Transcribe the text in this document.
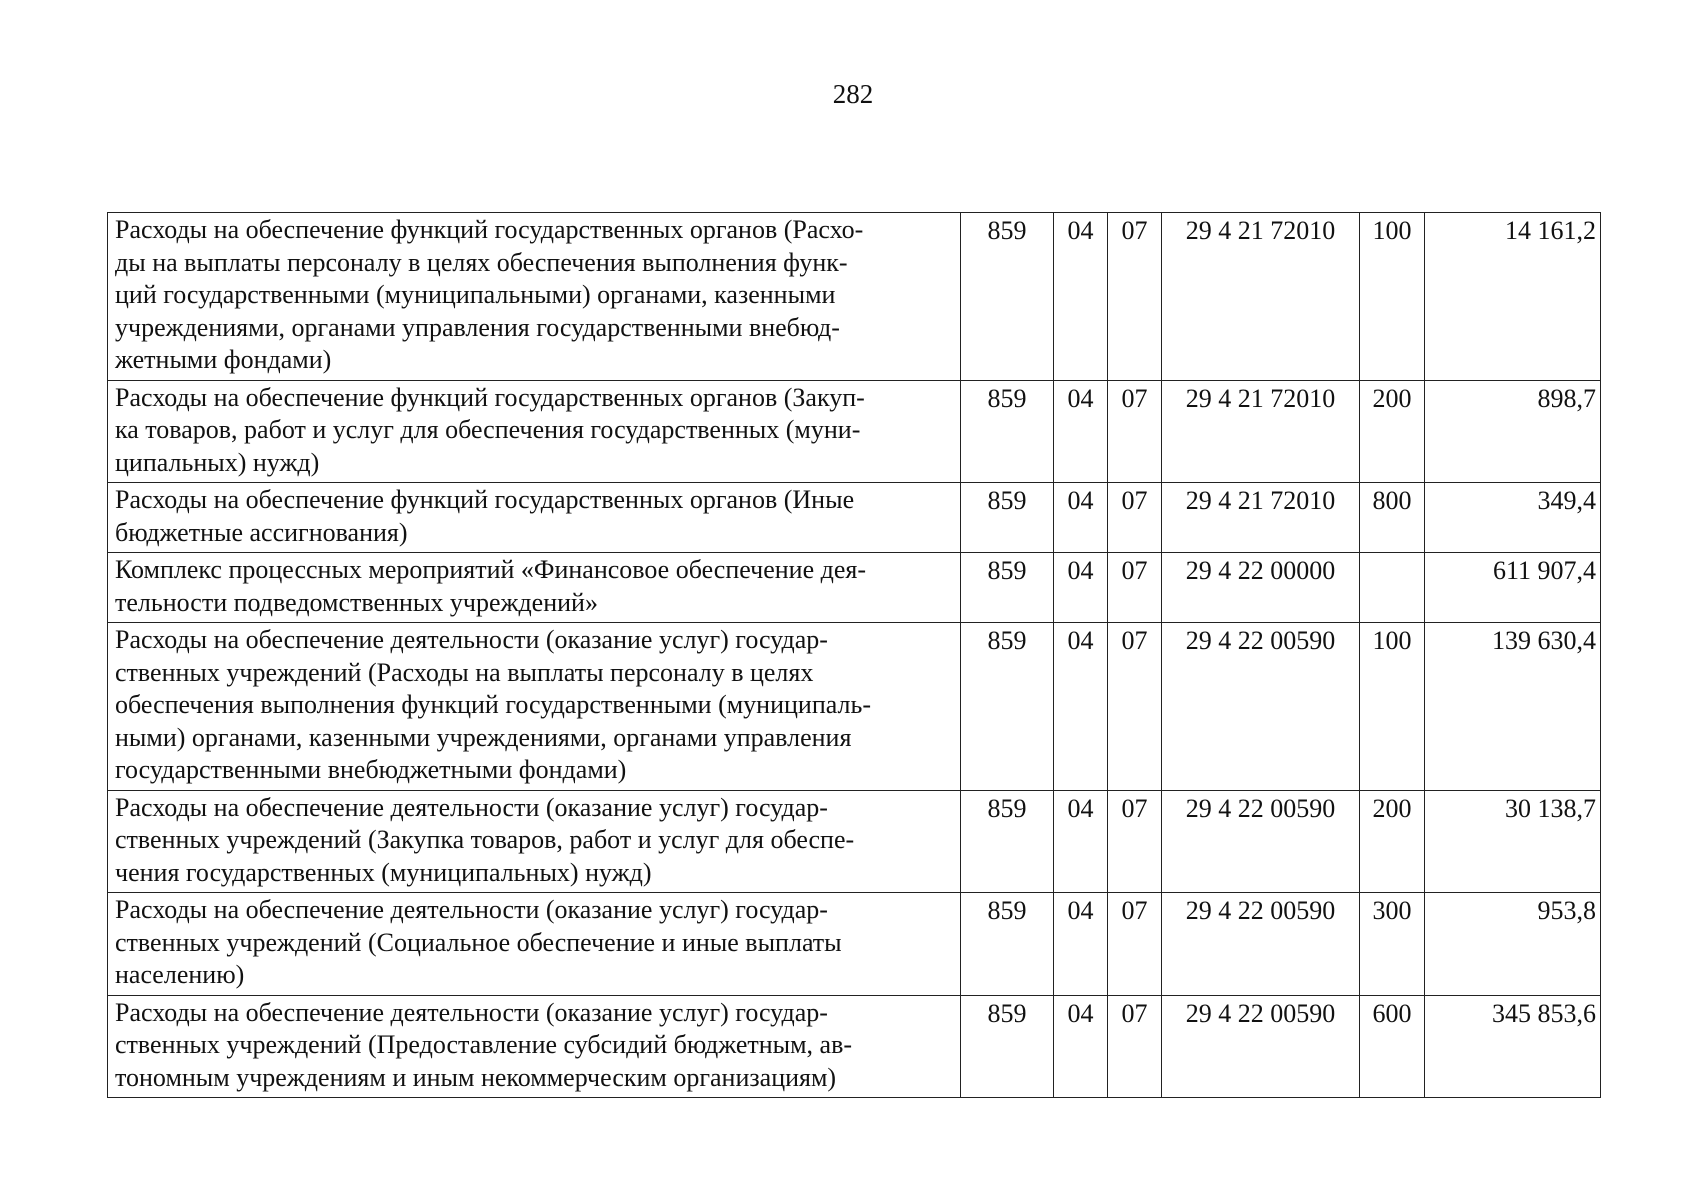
282
Расходы на обеспечение функций государственных органов (Расхо-
ды на выплаты персоналу в целях обеспечения выполнения функ-
ций государственными (муниципальными) органами, казенными
учреждениями, органами управления государственными внебюд-
жетными фондами)	859	04	07	29 4 21 72010	100	14 161,2

Расходы на обеспечение функций государственных органов (Закуп-
ка товаров, работ и услуг для обеспечения государственных (муни-
ципальных) нужд)	859	04	07	29 4 21 72010	200	898,7

Расходы на обеспечение функций государственных органов (Иные
бюджетные ассигнования)	859	04	07	29 4 21 72010	800	349,4

Комплекс процессных мероприятий «Финансовое обеспечение дея-
тельности подведомственных учреждений»	859	04	07	29 4 22 00000		611 907,4

Расходы на обеспечение деятельности (оказание услуг) государ-
ственных учреждений (Расходы на выплаты персоналу в целях
обеспечения выполнения функций государственными (муниципаль-
ными) органами, казенными учреждениями, органами управления
государственными внебюджетными фондами)	859	04	07	29 4 22 00590	100	139 630,4

Расходы на обеспечение деятельности (оказание услуг) государ-
ственных учреждений (Закупка товаров, работ и услуг для обеспе-
чения государственных (муниципальных) нужд)	859	04	07	29 4 22 00590	200	30 138,7

Расходы на обеспечение деятельности (оказание услуг) государ-
ственных учреждений (Социальное обеспечение и иные выплаты
населению)	859	04	07	29 4 22 00590	300	953,8

Расходы на обеспечение деятельности (оказание услуг) государ-
ственных учреждений (Предоставление субсидий бюджетным, ав-
тономным учреждениям и иным некоммерческим организациям)	859	04	07	29 4 22 00590	600	345 853,6
